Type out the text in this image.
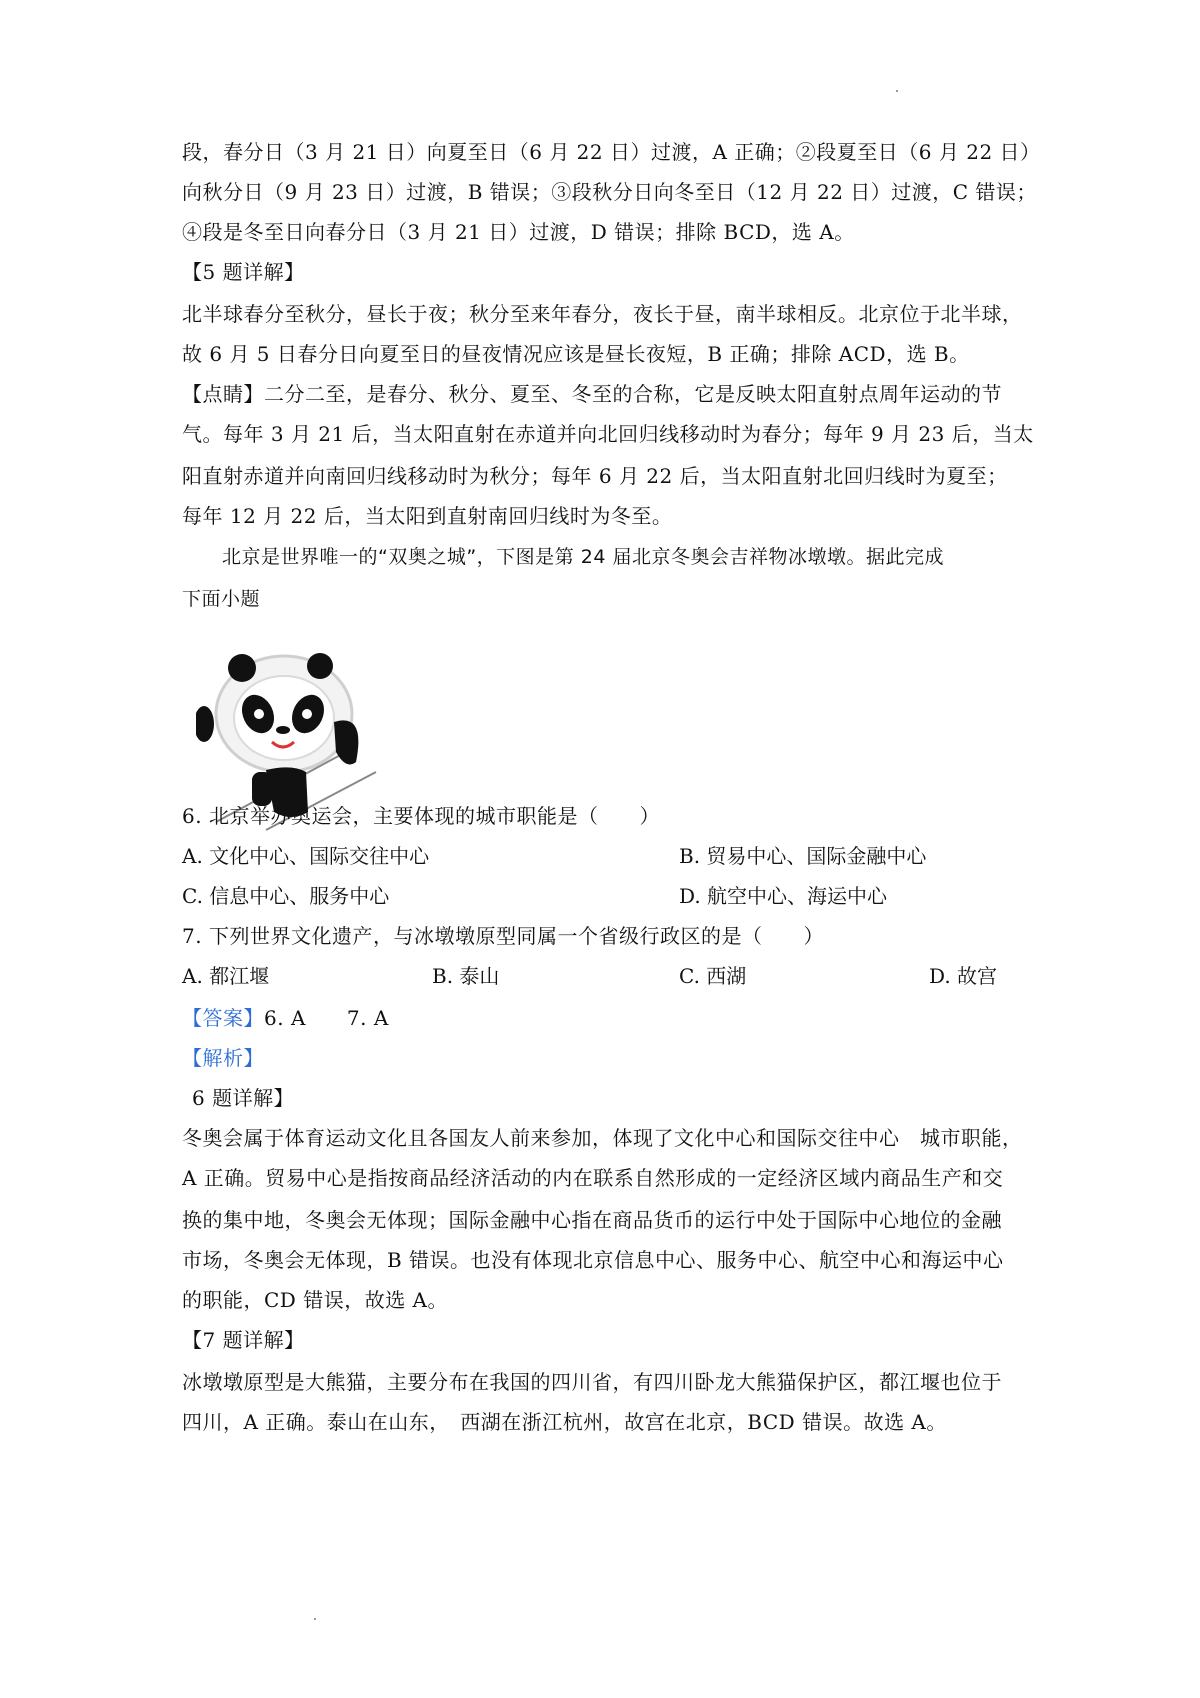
段，春分日（3 月 21 日）向夏至日（6 月 22 日）过渡，A 正确；②段夏至日（6 月 22 日）
向秋分日（9 月 23 日）过渡，B 错误；③段秋分日向冬至日（12 月 22 日）过渡，C 错误；
④段是冬至日向春分日（3 月 21 日）过渡，D 错误；排除 BCD，选 A。
【5 题详解】
北半球春分至秋分，昼长于夜；秋分至来年春分，夜长于昼，南半球相反。北京位于北半球，
故 6 月 5 日春分日向夏至日的昼夜情况应该是昼长夜短，B 正确；排除 ACD，选 B。
【点睛】二分二至，是春分、秋分、夏至、冬至的合称，它是反映太阳直射点周年运动的节
气。每年 3 月 21 后，当太阳直射在赤道并向北回归线移动时为春分；每年 9 月 23 后，当太
阳直射赤道并向南回归线移动时为秋分；每年 6 月 22 后，当太阳直射北回归线时为夏至；
每年 12 月 22 后，当太阳到直射南回归线时为冬至。
北京是世界唯一的“双奥之城”，下图是第 24 届北京冬奥会吉祥物冰墩墩。据此完成
下面小题
6. 北京举办奥运会，主要体现的城市职能是（　　）
A. 文化中心、国际交往中心	B. 贸易中心、国际金融中心
C. 信息中心、服务中心	D. 航空中心、海运中心
7. 下列世界文化遗产，与冰墩墩原型同属一个省级行政区的是（　　）
A. 都江堰	B. 泰山	C. 西湖	D. 故宫
【答案】6. A　　7. A
【解析】
6 题详解】
冬奥会属于体育运动文化且各国友人前来参加，体现了文化中心和国际交往中心　城市职能，
A 正确。贸易中心是指按商品经济活动的内在联系自然形成的一定经济区域内商品生产和交
换的集中地，冬奥会无体现；国际金融中心指在商品货币的运行中处于国际中心地位的金融
市场，冬奥会无体现，B 错误。也没有体现北京信息中心、服务中心、航空中心和海运中心
的职能，CD 错误，故选 A。
【7 题详解】
冰墩墩原型是大熊猫，主要分布在我国的四川省，有四川卧龙大熊猫保护区，都江堰也位于
四川，A 正确。泰山在山东，　西湖在浙江杭州，故宫在北京，BCD 错误。故选 A。
